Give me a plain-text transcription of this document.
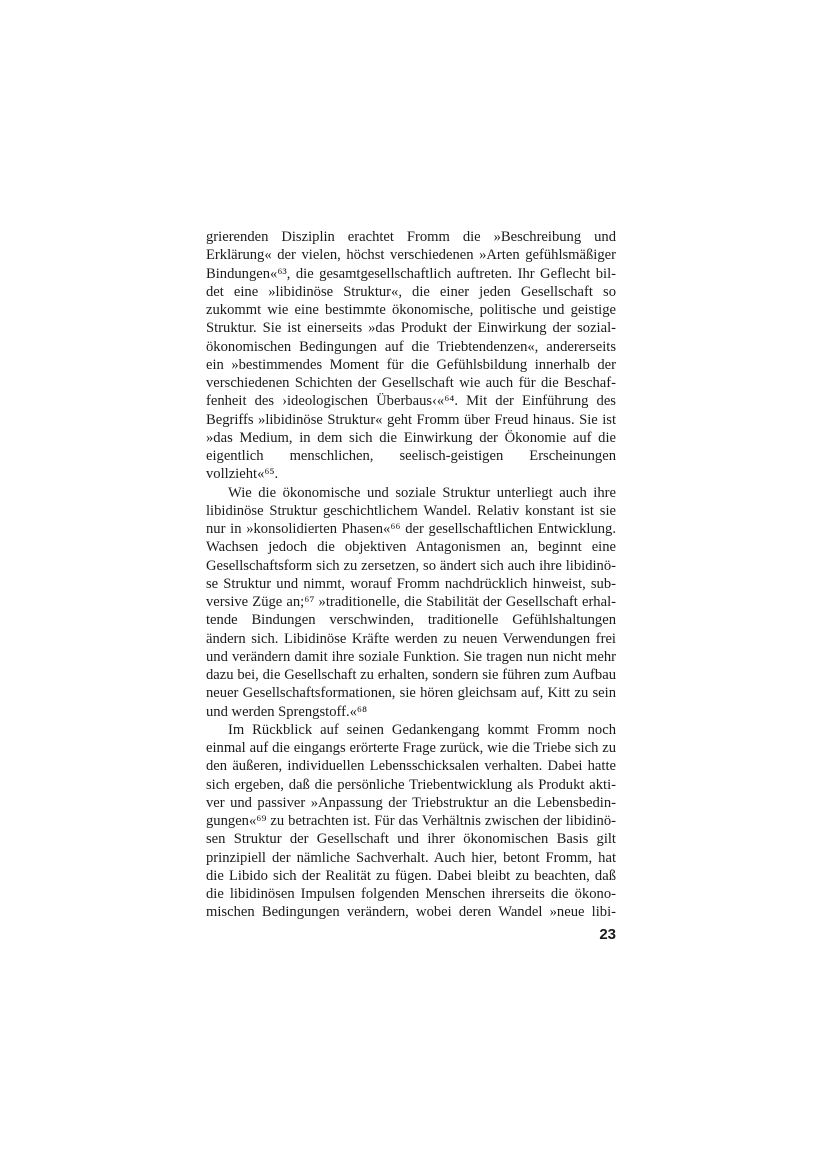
grierenden Disziplin erachtet Fromm die »Beschreibung und
Erklärung« der vielen, höchst verschiedenen »Arten gefühlsmäßiger
Bindungen«⁶³, die gesamtgesellschaftlich auftreten. Ihr Geflecht bil-
det eine »libidinöse Struktur«, die einer jeden Gesellschaft so
zukommt wie eine bestimmte ökonomische, politische und geistige
Struktur. Sie ist einerseits »das Produkt der Einwirkung der sozial-
ökonomischen Bedingungen auf die Triebtendenzen«, andererseits
ein »bestimmendes Moment für die Gefühlsbildung innerhalb der
verschiedenen Schichten der Gesellschaft wie auch für die Beschaf-
fenheit des ›ideologischen Überbaus‹«⁶⁴. Mit der Einführung des
Begriffs »libidinöse Struktur« geht Fromm über Freud hinaus. Sie ist
»das Medium, in dem sich die Einwirkung der Ökonomie auf die
eigentlich menschlichen, seelisch-geistigen Erscheinungen
vollzieht«⁶⁵.
Wie die ökonomische und soziale Struktur unterliegt auch ihre
libidinöse Struktur geschichtlichem Wandel. Relativ konstant ist sie
nur in »konsolidierten Phasen«⁶⁶ der gesellschaftlichen Entwicklung.
Wachsen jedoch die objektiven Antagonismen an, beginnt eine
Gesellschaftsform sich zu zersetzen, so ändert sich auch ihre libidinö-
se Struktur und nimmt, worauf Fromm nachdrücklich hinweist, sub-
versive Züge an;⁶⁷ »traditionelle, die Stabilität der Gesellschaft erhal-
tende Bindungen verschwinden, traditionelle Gefühlshaltungen
ändern sich. Libidinöse Kräfte werden zu neuen Verwendungen frei
und verändern damit ihre soziale Funktion. Sie tragen nun nicht mehr
dazu bei, die Gesellschaft zu erhalten, sondern sie führen zum Aufbau
neuer Gesellschaftsformationen, sie hören gleichsam auf, Kitt zu sein
und werden Sprengstoff.«⁶⁸
Im Rückblick auf seinen Gedankengang kommt Fromm noch
einmal auf die eingangs erörterte Frage zurück, wie die Triebe sich zu
den äußeren, individuellen Lebensschicksalen verhalten. Dabei hatte
sich ergeben, daß die persönliche Triebentwicklung als Produkt akti-
ver und passiver »Anpassung der Triebstruktur an die Lebensbedin-
gungen«⁶⁹ zu betrachten ist. Für das Verhältnis zwischen der libidinö-
sen Struktur der Gesellschaft und ihrer ökonomischen Basis gilt
prinzipiell der nämliche Sachverhalt. Auch hier, betont Fromm, hat
die Libido sich der Realität zu fügen. Dabei bleibt zu beachten, daß
die libidinösen Impulsen folgenden Menschen ihrerseits die ökono-
mischen Bedingungen verändern, wobei deren Wandel »neue libi-
23
